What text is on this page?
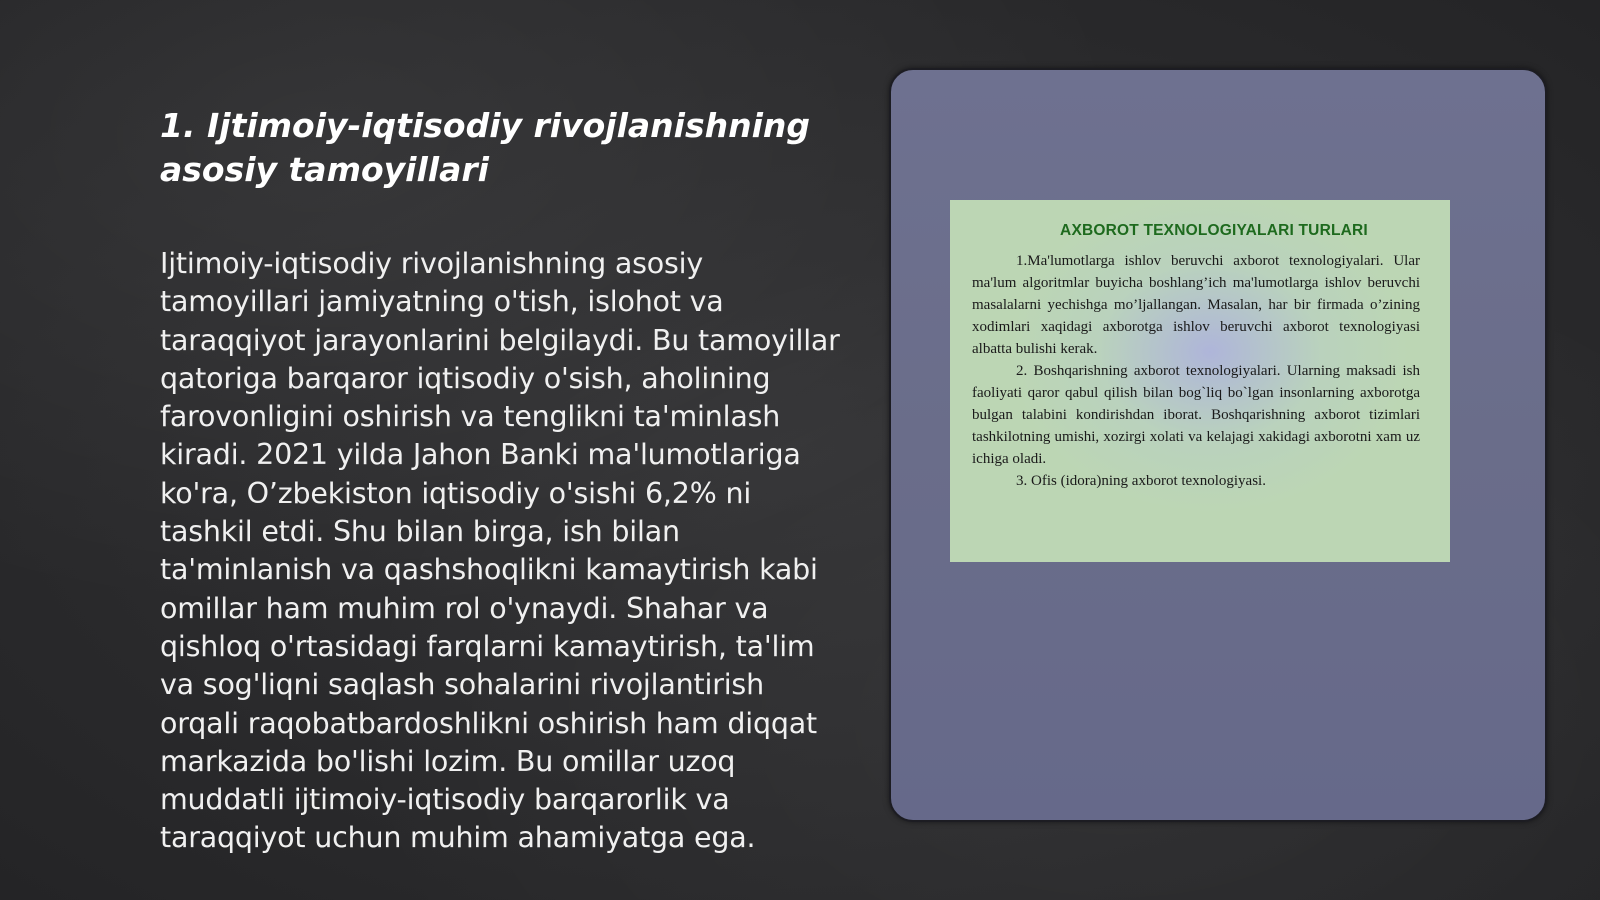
1. Ijtimoiy-iqtisodiy rivojlanishning asosiy tamoyillari

Ijtimoiy-iqtisodiy rivojlanishning asosiy tamoyillari jamiyatning o'tish, islohot va taraqqiyot jarayonlarini belgilaydi. Bu tamoyillar qatoriga barqaror iqtisodiy o'sish, aholining farovonligini oshirish va tenglikni ta'minlash kiradi. 2021 yilda Jahon Banki ma'lumotlariga ko'ra, O’zbekiston iqtisodiy o'sishi 6,2% ni tashkil etdi. Shu bilan birga, ish bilan ta'minlanish va qashshoqlikni kamaytirish kabi omillar ham muhim rol o'ynaydi. Shahar va qishloq o'rtasidagi farqlarni kamaytirish, ta'lim va sog'liqni saqlash sohalarini rivojlantirish orqali raqobatbardoshlikni oshirish ham diqqat markazida bo'lishi lozim. Bu omillar uzoq muddatli ijtimoiy-iqtisodiy barqarorlik va taraqqiyot uchun muhim ahamiyatga ega.

AXBOROT TEXNOLOGIYALARI TURLARI

1.Ma'lumotlarga ishlov beruvchi axborot texnologiyalari. Ular ma'lum algoritmlar buyicha boshlang’ich ma'lumotlarga ishlov beruvchi masalalarni yechishga mo’ljallangan. Masalan, har bir firmada o’zining xodimlari xaqidagi axborotga ishlov beruvchi axborot texnologiyasi albatta bulishi kerak.

2. Boshqarishning axborot texnologiyalari. Ularning maksadi ish faoliyati qaror qabul qilish bilan bog`liq bo`lgan insonlarning axborotga bulgan talabini kondirishdan iborat. Boshqarishning axborot tizimlari tashkilotning umishi, xozirgi xolati va kelajagi xakidagi axborotni xam uz ichiga oladi.

3. Ofis (idora)ning axborot texnologiyasi.
